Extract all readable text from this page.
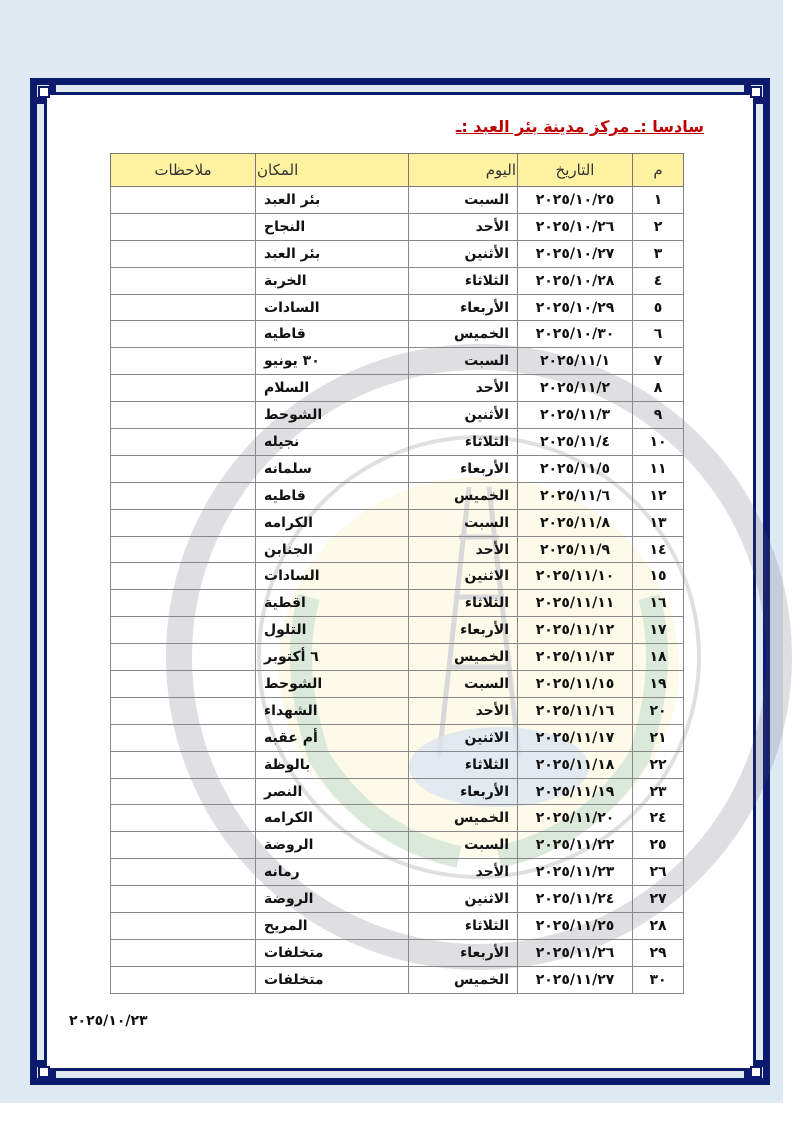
سادسا :ـ مركز مدينة بئر العبد :ـ
م	التاريخ	اليوم	المكان	ملاحظات
١	٢٠٢٥/١٠/٢٥	السبت	بئر العبد	
٢	٢٠٢٥/١٠/٢٦	الأحد	النجاح	
٣	٢٠٢٥/١٠/٢٧	الأثنين	بئر العبد	
٤	٢٠٢٥/١٠/٢٨	الثلاثاء	الخربة	
٥	٢٠٢٥/١٠/٢٩	الأربعاء	السادات	
٦	٢٠٢٥/١٠/٣٠	الخميس	قاطيه	
٧	٢٠٢٥/١١/١	السبت	٣٠ يونيو	
٨	٢٠٢٥/١١/٢	الأحد	السلام	
٩	٢٠٢٥/١١/٣	الأثنين	الشوحط	
١٠	٢٠٢٥/١١/٤	الثلاثاء	نجيله	
١١	٢٠٢٥/١١/٥	الأربعاء	سلمانه	
١٢	٢٠٢٥/١١/٦	الخميس	قاطيه	
١٣	٢٠٢٥/١١/٨	السبت	الكرامه	
١٤	٢٠٢٥/١١/٩	الأحد	الجنابن	
١٥	٢٠٢٥/١١/١٠	الاثنين	السادات	
١٦	٢٠٢٥/١١/١١	الثلاثاء	اقطية	
١٧	٢٠٢٥/١١/١٢	الأربعاء	التلول	
١٨	٢٠٢٥/١١/١٣	الخميس	٦ أكتوبر	
١٩	٢٠٢٥/١١/١٥	السبت	الشوحط	
٢٠	٢٠٢٥/١١/١٦	الأحد	الشهداء	
٢١	٢٠٢٥/١١/١٧	الاثنين	أم عقبه	
٢٢	٢٠٢٥/١١/١٨	الثلاثاء	بالوظة	
٢٣	٢٠٢٥/١١/١٩	الأربعاء	النصر	
٢٤	٢٠٢٥/١١/٢٠	الخميس	الكرامه	
٢٥	٢٠٢٥/١١/٢٢	السبت	الروضة	
٢٦	٢٠٢٥/١١/٢٣	الأحد	رمانه	
٢٧	٢٠٢٥/١١/٢٤	الاثنين	الروضة	
٢٨	٢٠٢٥/١١/٢٥	الثلاثاء	المريح	
٢٩	٢٠٢٥/١١/٢٦	الأربعاء	متخلفات	
٣٠	٢٠٢٥/١١/٢٧	الخميس	متخلفات	
٢٠٢٥/١٠/٢٣
